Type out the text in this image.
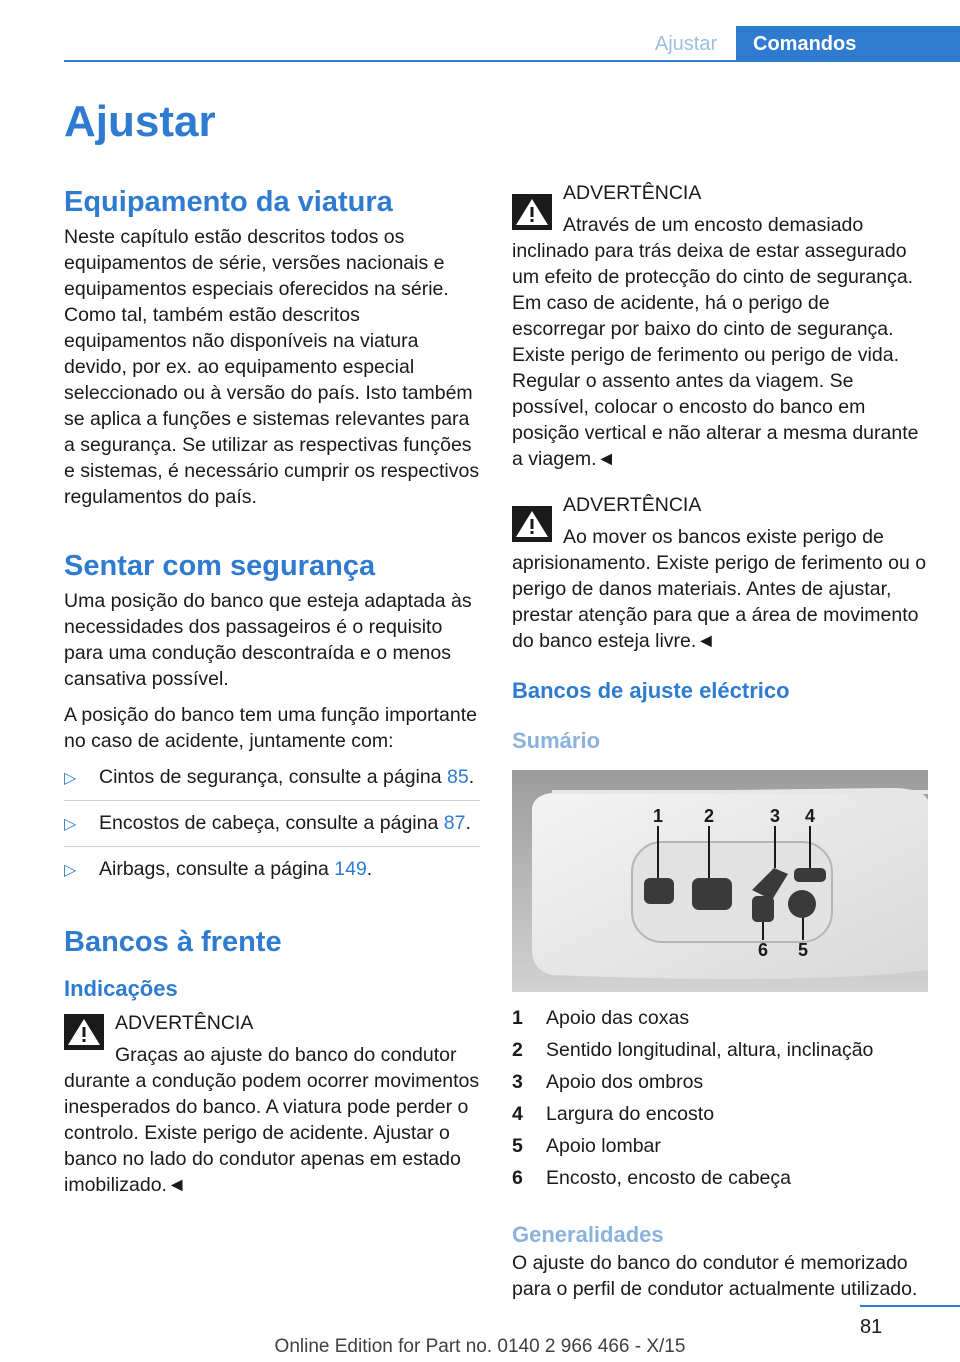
Ajustar	Comandos
Ajustar
Equipamento da viatura

Neste capítulo estão descritos todos os equipamentos de série, versões nacionais e equipamentos especiais oferecidos na série. Como tal, também estão descritos equipamentos não disponíveis na viatura devido, por ex. ao equipamento especial seleccionado ou à versão do país. Isto também se aplica a funções e sistemas relevantes para a segurança. Se utilizar as respectivas funções e sistemas, é necessário cumprir os respectivos regulamentos do país.

Sentar com segurança

Uma posição do banco que esteja adaptada às necessidades dos passageiros é o requisito para uma condução descontraída e o menos cansativa possível.

A posição do banco tem uma função importante no caso de acidente, juntamente com:

▷ Cintos de segurança, consulte a página 85.
▷ Encostos de cabeça, consulte a página 87.
▷ Airbags, consulte a página 149.
Bancos à frente
Indicações
ADVERTÊNCIA

Graças ao ajuste do banco do condutor durante a condução podem ocorrer movimentos inesperados do banco. A viatura pode perder o controlo. Existe perigo de acidente. Ajustar o banco no lado do condutor apenas em estado imobilizado.◄

ADVERTÊNCIA

Através de um encosto demasiado inclinado para trás deixa de estar assegurado um efeito de protecção do cinto de segurança. Em caso de acidente, há o perigo de escorregar por baixo do cinto de segurança. Existe perigo de ferimento ou perigo de vida. Regular o assento antes da viagem. Se possível, colocar o encosto do banco em posição vertical e não alterar a mesma durante a viagem.◄

ADVERTÊNCIA

Ao mover os bancos existe perigo de aprisionamento. Existe perigo de ferimento ou o perigo de danos materiais. Antes de ajustar, prestar atenção para que a área de movimento do banco esteja livre.◄

Bancos de ajuste eléctrico
Sumário
1 2	3 4
6 5
1	Apoio das coxas
2	Sentido longitudinal, altura, inclinação
3	Apoio dos ombros
4	Largura do encosto
5	Apoio lombar
6	Encosto, encosto de cabeça
Generalidades

O ajuste do banco do condutor é memorizado para o perfil de condutor actualmente utilizado.

81
Online Edition for Part no. 0140 2 966 466 - X/15
